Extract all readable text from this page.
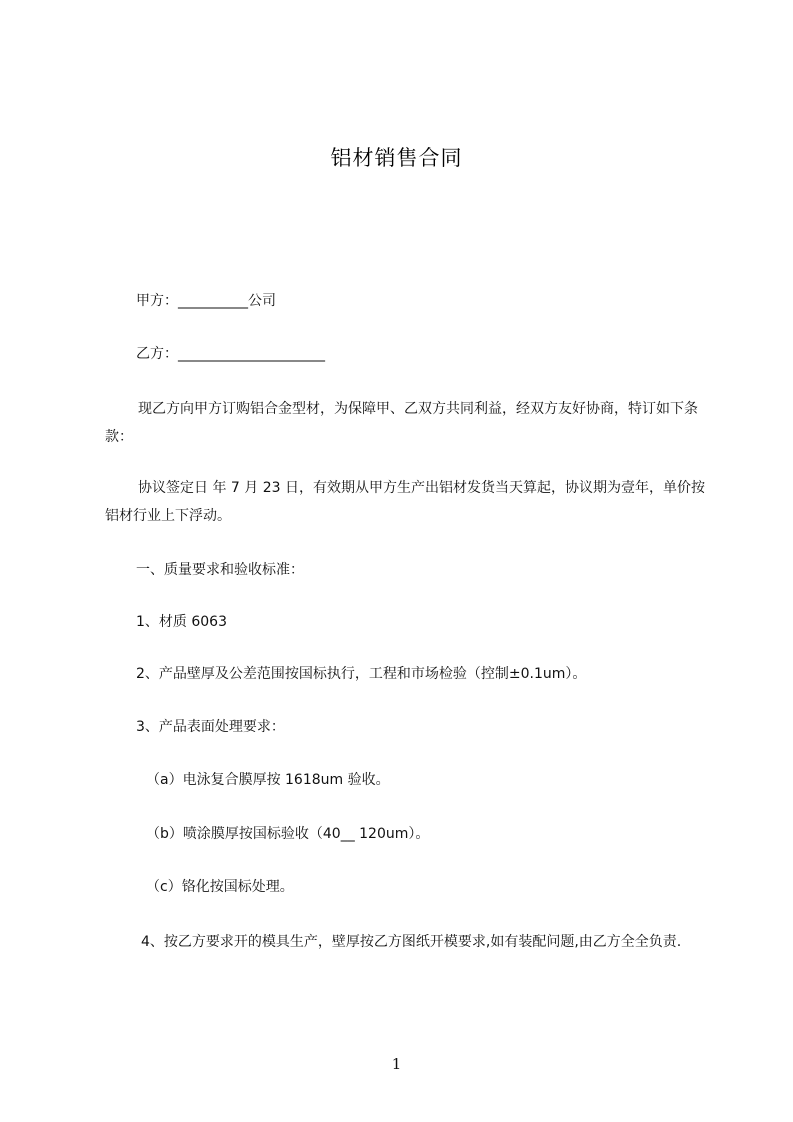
铝材销售合同
甲方：__________公司
乙方：_____________________
现乙方向甲方订购铝合金型材，为保障甲、乙双方共同利益，经双方友好协商，特订如下条款：
协议签定日 年 7 月 23 日，有效期从甲方生产出铝材发货当天算起，协议期为壹年，单价按铝材行业上下浮动。
一、质量要求和验收标准：
1、材质 6063
2、产品壁厚及公差范围按国标执行，工程和市场检验（控制±0.1um）。
3、产品表面处理要求：
（a）电泳复合膜厚按 1618um 验收。
（b）喷涂膜厚按国标验收（40__ 120um）。
（c）铬化按国标处理。
4、按乙方要求开的模具生产，壁厚按乙方图纸开模要求,如有装配问题,由乙方全全负责.
1
